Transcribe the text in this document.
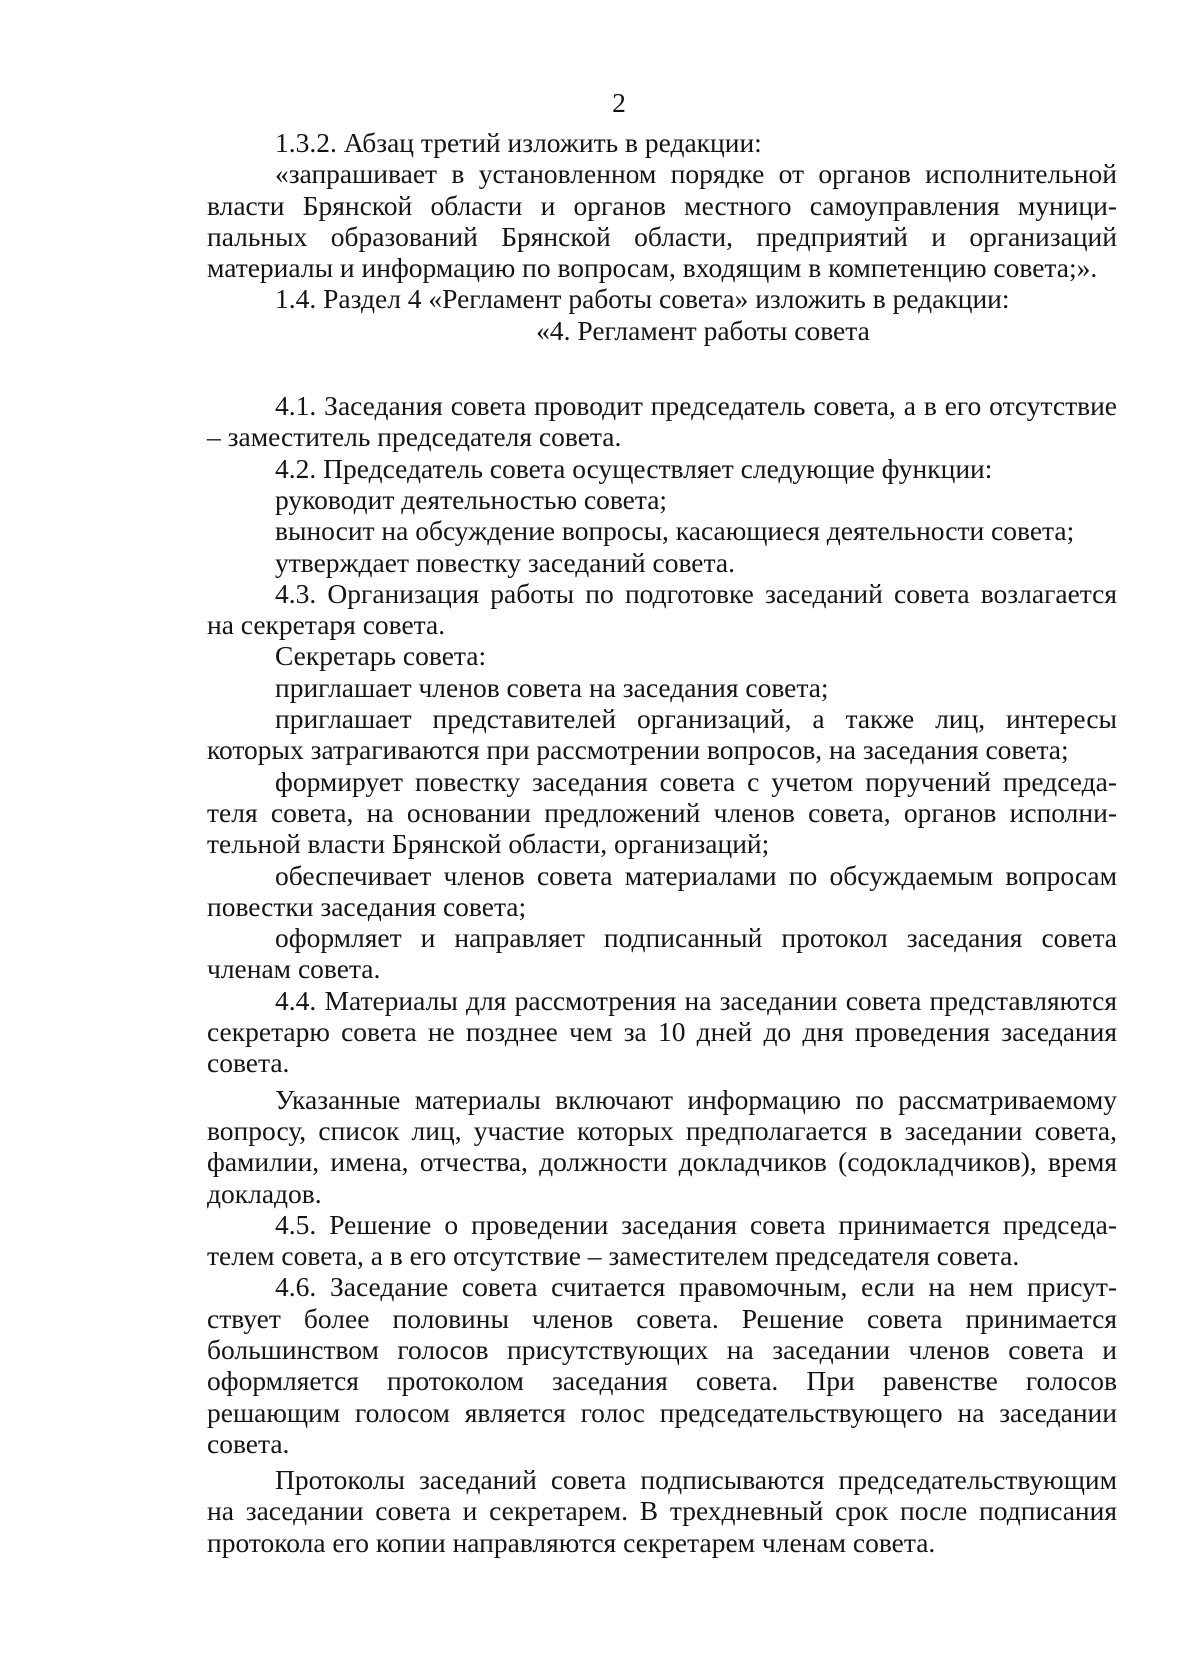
2

1.3.2. Абзац третий изложить в редакции:

«запрашивает в установленном порядке от органов исполнительной власти Брянской области и органов местного самоуправления муници-пальных образований Брянской области, предприятий и организаций материалы и информацию по вопросам, входящим в компетенцию совета;».

1.4. Раздел 4 «Регламент работы совета» изложить в редакции:

«4. Регламент работы совета

4.1. Заседания совета проводит председатель совета, а в его отсутствие – заместитель председателя совета.

4.2. Председатель совета осуществляет следующие функции:

руководит деятельностью совета;

выносит на обсуждение вопросы, касающиеся деятельности совета;

утверждает повестку заседаний совета.

4.3. Организация работы по подготовке заседаний совета возлагается на секретаря совета.

Секретарь совета:

приглашает членов совета на заседания совета;

приглашает представителей организаций, а также лиц, интересы которых затрагиваются при рассмотрении вопросов, на заседания совета;

формирует повестку заседания совета с учетом поручений председа-теля совета, на основании предложений членов совета, органов исполни-тельной власти Брянской области, организаций;

обеспечивает членов совета материалами по обсуждаемым вопросам повестки заседания совета;

оформляет и направляет подписанный протокол заседания совета членам совета.

4.4. Материалы для рассмотрения на заседании совета представляются секретарю совета не позднее чем за 10 дней до дня проведения заседания совета.

Указанные материалы включают информацию по рассматриваемому вопросу, список лиц, участие которых предполагается в заседании совета, фамилии, имена, отчества, должности докладчиков (содокладчиков), время докладов.

4.5. Решение о проведении заседания совета принимается председа-телем совета, а в его отсутствие – заместителем председателя совета.

4.6. Заседание совета считается правомочным, если на нем присут-ствует более половины членов совета. Решение совета принимается большинством голосов присутствующих на заседании членов совета и оформляется протоколом заседания совета. При равенстве голосов решающим голосом является голос председательствующего на заседании совета.

Протоколы заседаний совета подписываются председательствующим на заседании совета и секретарем. В трехдневный срок после подписания протокола его копии направляются секретарем членам совета.
